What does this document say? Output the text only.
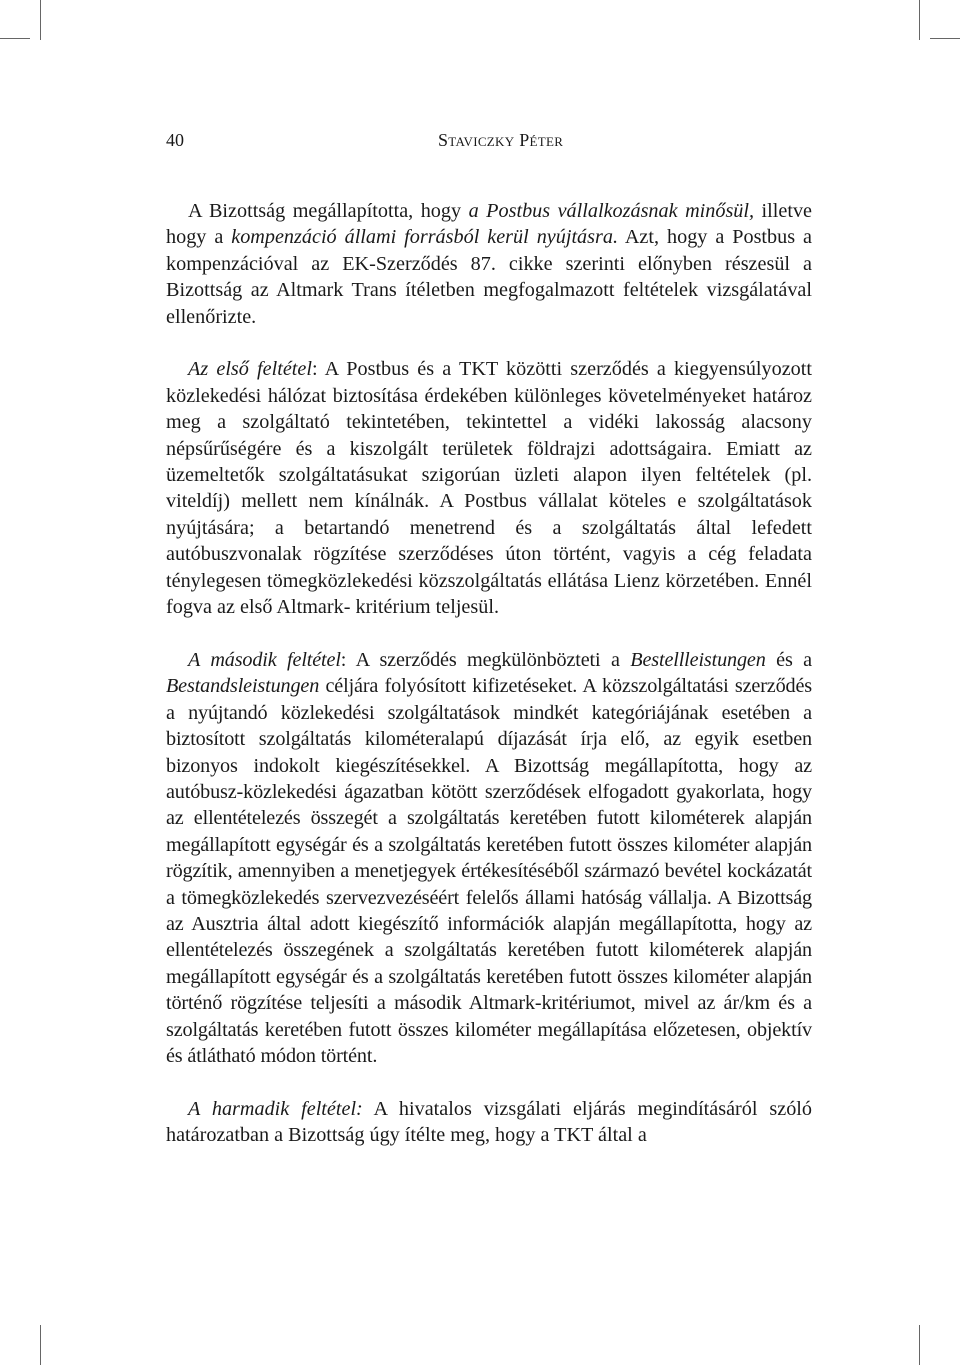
40	Staviczky Péter

A Bizottság megállapította, hogy a Postbus vállalkozásnak minősül, illetve hogy a kompenzáció állami forrásból kerül nyújtásra. Azt, hogy a Postbus a kompenzációval az EK-Szerződés 87. cikke szerinti előnyben részesül a Bizottság az Altmark Trans ítéletben megfogalmazott feltételek vizsgálatával ellenőrizte.

Az első feltétel: A Postbus és a TKT közötti szerződés a kiegyensúlyozott közlekedési hálózat biztosítása érdekében különleges követelményeket határoz meg a szolgáltató tekintetében, tekintettel a vidéki lakosság alacsony népsűrűségére és a kiszolgált területek földrajzi adottságaira. Emiatt az üzemeltetők szolgáltatásukat szigorúan üzleti alapon ilyen feltételek (pl. viteldíj) mellett nem kínálnák. A Postbus vállalat köteles e szolgáltatások nyújtására; a betartandó menetrend és a szolgáltatás által lefedett autóbuszvonalak rögzítése szerződéses úton történt, vagyis a cég feladata ténylegesen tömegközlekedési közszolgáltatás ellátása Lienz körzetében. Ennél fogva az első Altmark- kritérium teljesül.

A második feltétel: A szerződés megkülönbözteti a Bestellleistungen és a Bestandsleistungen céljára folyósított kifizetéseket. A közszolgáltatási szerződés a nyújtandó közlekedési szolgáltatások mindkét kategóriájának esetében a biztosított szolgáltatás kilométeralapú díjazását írja elő, az egyik esetben bizonyos indokolt kiegészítésekkel. A Bizottság megállapította, hogy az autóbusz-közlekedési ágazatban kötött szerződések elfogadott gyakorlata, hogy az ellentételezés összegét a szolgáltatás keretében futott kilométerek alapján megállapított egységár és a szolgáltatás keretében futott összes kilométer alapján rögzítik, amennyiben a menetjegyek értékesítéséből származó bevétel kockázatát a tömegközlekedés szervezvezéséért felelős állami hatóság vállalja. A Bizottság az Ausztria által adott kiegészítő információk alapján megállapította, hogy az ellentételezés összegének a szolgáltatás keretében futott kilométerek alapján megállapított egységár és a szolgáltatás keretében futott összes kilométer alapján történő rögzítése teljesíti a második Altmark-kritériumot, mivel az ár/km és a szolgáltatás keretében futott összes kilométer megállapítása előzetesen, objektív és átlátható módon történt.

A harmadik feltétel: A hivatalos vizsgálati eljárás megindításáról szóló határozatban a Bizottság úgy ítélte meg, hogy a TKT által a
